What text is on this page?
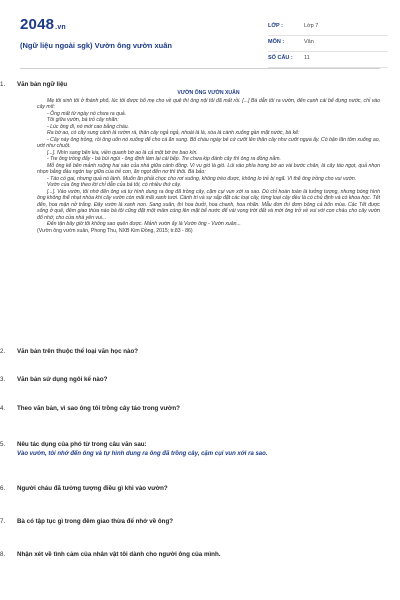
2048.vn
(Ngữ liệu ngoài sgk) Vườn ông vườn xuân
LỚP :	Lớp 7
MÔN :	Văn
SỐ CÂU : 11
1. Văn bản ngữ liệu
VƯỜN ÔNG VƯỜN XUÂN

Mẹ tôi sinh tôi ở thành phố, lúc tôi được bố mẹ cho về quê thì ông nội tôi đã mất rồi. [...] Bà dẫn tôi ra vườn, đến cạnh cái bể đựng nước, chỉ vào cây mít:

- Ông mất từ ngày nó chưa ra quả.

Tôi giữa vườn, bà trỏ cây nhãn:

- Lúc ông đi, nó mới cao bằng cháu.

Ra bờ ao, có cây sung cành lá rườm rà, thân cây ngả ngả, nhoài lá là, xòa lá cành xuống gần mặt nước, bà kể:

- Cây này ông trồng, rồi ông uốn nó xuống để cho cá ăn sung. Bố cháu ngày bé cứ cưỡi lên thân cây như cưỡi ngựa ấy. Có bận lăn tõm xuống ao, ướt như chuột.

[...]. Nhìn sang bên kia, viền quanh bờ ao là cả một bờ tre bao kín.

- Tre ông trồng đấy - bà bùi ngùi - ông định làm lại cái bếp. Tre chưa kịp đánh cây thì ông ra đồng nằm.

Mỗ ông kế bên mảnh ruộng hai sào của nhà giữa cánh đồng. Vì vu gió là gió. Lúi vào phía trong bờ ao vài bước chân, là cây táo ngọt, quả nhọn nhọn bằng đầu ngón tay giữa của trẻ con, ăn ngọt đến nơ thì thôi. Bà bảo:

- Táo có gai, nhưng quả nó lành. Muốn ăn phải chọc cho rơi xuống, không trèo được, không lo trẻ bị ngã. Vì thế ông trồng cho vui vườn.

Vườn của ông theo lời chỉ dẫn của bà tôi, có nhiều thứ cây.

[...]. Vào vườn, tôi nhớ đến ông và tự hình dung ra ông đã trồng cây, cặm cụi vun xới ra sao. Dù chỉ hoàn toàn là tưởng tượng, nhưng bóng hình ông không thể nhạt nhòa khi cây vườn còn mãi mãi xanh tươi. Cành tri và sự sắp đặt các loại cây, từng loại cây đều là có chủ định và có khoa học. Tết đến, hoa mận nở trắng. Đây vườn lá xanh non. Sang xuân, thì hoa bưởi, hoa chanh, hoa nhãn. Mẫu đơn thì đơm bông cả bốn mùa. Các Tết được sống ở quê, đêm giao thừa nào bà tôi cũng đặt một mâm cúng lên mặt bể nước để vái vọng trời đất và mời ông trở về vui với con cháu cho cây vườn đổ nhớ, cho cửa nhà yên vui...

Đến tận bây giờ tôi không sao quên được. Mảnh vườn ấy là Vườn ông - Vườn xuân...

(Vườn ông vườn xuân, Phong Thu, NXB Kim Đồng, 2015; tr.83 - 86)

2. Văn bản trên thuộc thể loại văn học nào?
3. Văn bản sử dụng ngôi kể nào?
4. Theo văn bản, vì sao ông tôi trồng cây táo trong vườn?
5. Nêu tác dụng của phó từ trong câu văn sau:
Vào vườn, tôi nhớ đến ông và tự hình dung ra ông đã trồng cây, cặm cụi vun xới ra sao.
6. Người cháu đã tưởng tượng điều gì khi vào vườn?
7. Bà có tập tục gì trong đêm giao thừa để nhớ về ông?
8. Nhận xét về tình cảm của nhân vật tôi dành cho người ông của mình.
